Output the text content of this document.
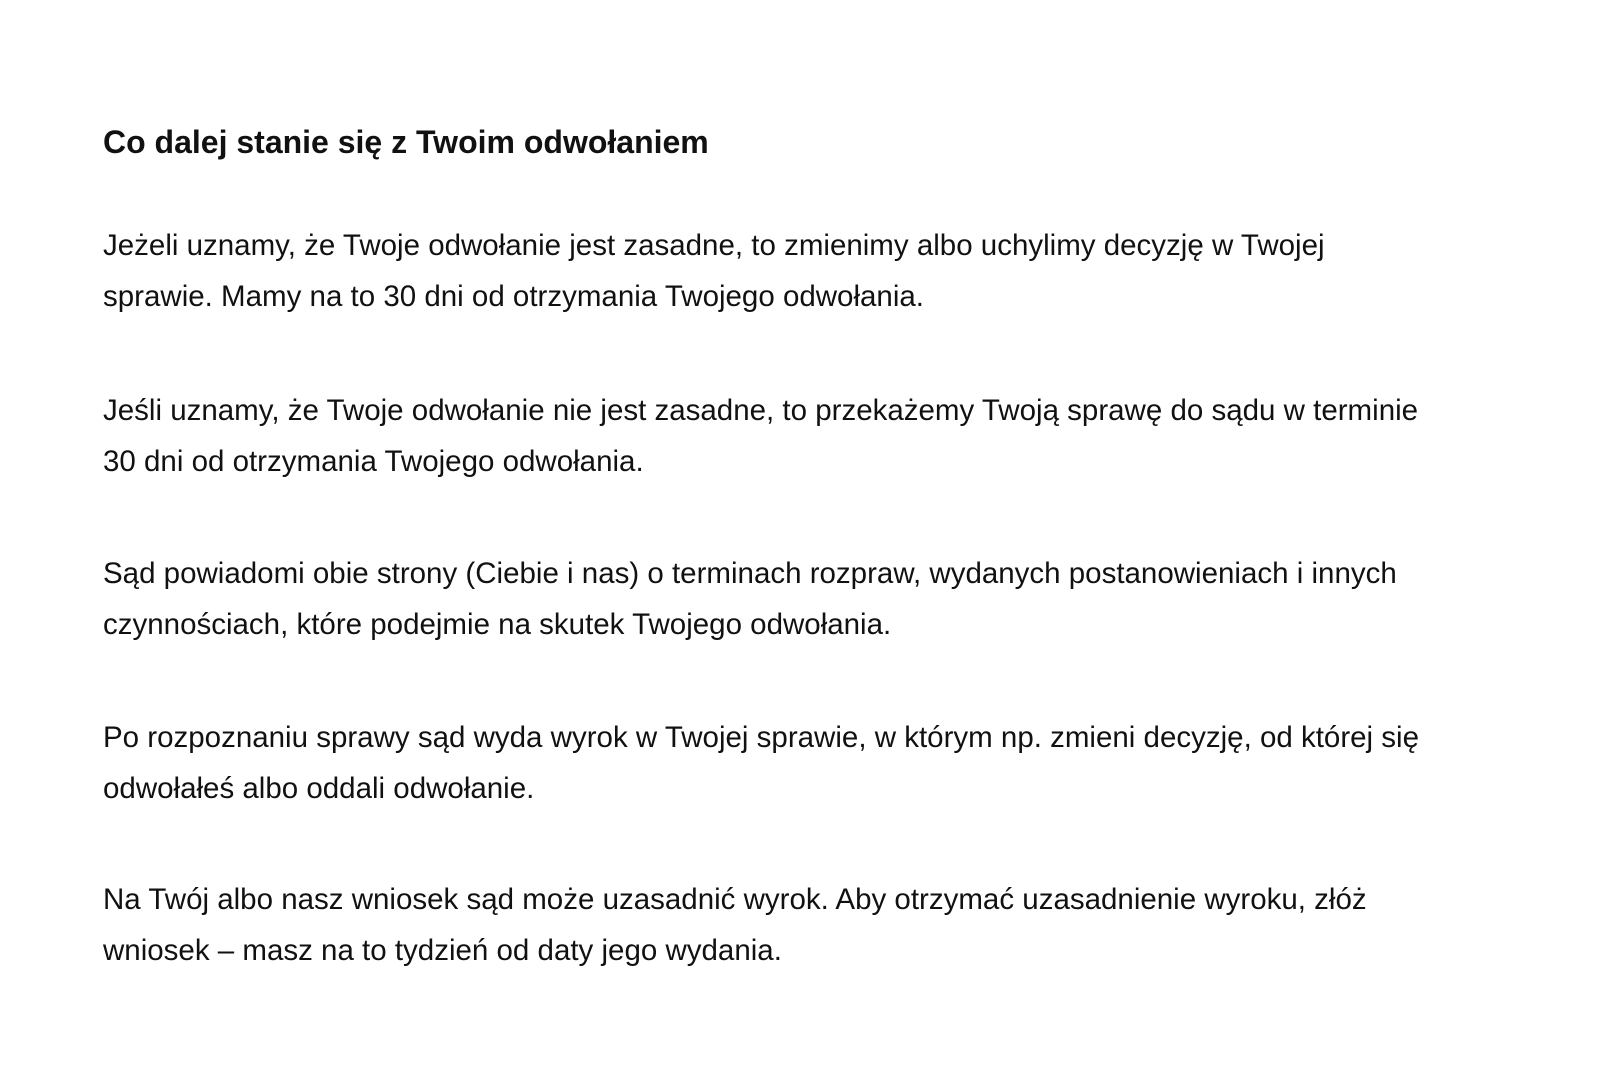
Co dalej stanie się z Twoim odwołaniem

Jeżeli uznamy, że Twoje odwołanie jest zasadne, to zmienimy albo uchylimy decyzję w Twojej
sprawie. Mamy na to 30 dni od otrzymania Twojego odwołania.

Jeśli uznamy, że Twoje odwołanie nie jest zasadne, to przekażemy Twoją sprawę do sądu w terminie
30 dni od otrzymania Twojego odwołania.

Sąd powiadomi obie strony (Ciebie i nas) o terminach rozpraw, wydanych postanowieniach i innych
czynnościach, które podejmie na skutek Twojego odwołania.

Po rozpoznaniu sprawy sąd wyda wyrok w Twojej sprawie, w którym np. zmieni decyzję, od której się
odwołałeś albo oddali odwołanie.

Na Twój albo nasz wniosek sąd może uzasadnić wyrok. Aby otrzymać uzasadnienie wyroku, złóż
wniosek – masz na to tydzień od daty jego wydania.
